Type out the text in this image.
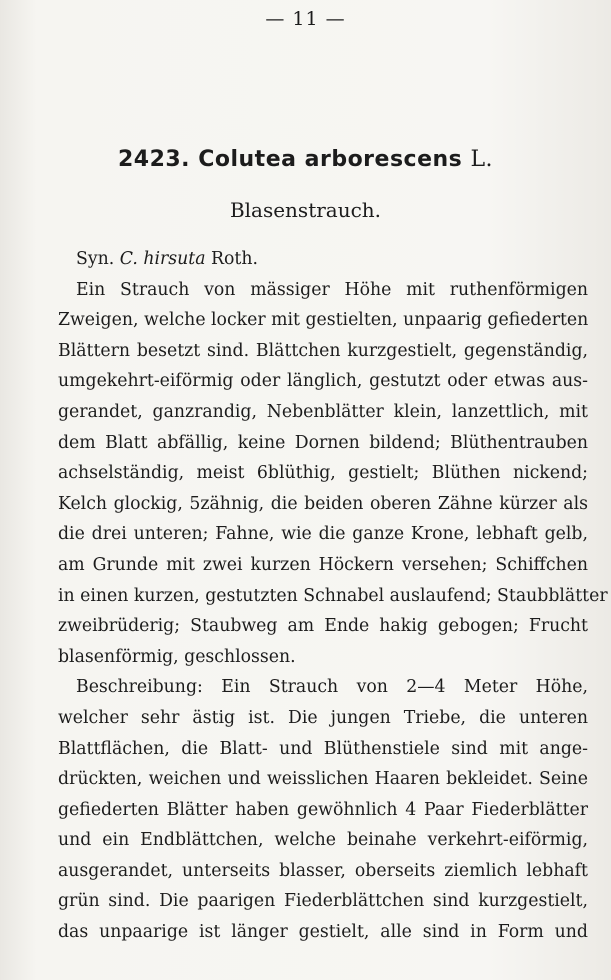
— 11 —
2423. Colutea arborescens L.
Blasenstrauch.
Syn. C. hirsuta Roth.
Ein Strauch von mässiger Höhe mit ruthenförmigen
Zweigen, welche locker mit gestielten, unpaarig gefiederten
Blättern besetzt sind. Blättchen kurzgestielt, gegenständig,
umgekehrt-eiförmig oder länglich, gestutzt oder etwas aus-
gerandet, ganzrandig, Nebenblätter klein, lanzettlich, mit
dem Blatt abfällig, keine Dornen bildend; Blüthentrauben
achselständig, meist 6blüthig, gestielt; Blüthen nickend;
Kelch glockig, 5zähnig, die beiden oberen Zähne kürzer als
die drei unteren; Fahne, wie die ganze Krone, lebhaft gelb,
am Grunde mit zwei kurzen Höckern versehen; Schiffchen
in einen kurzen, gestutzten Schnabel auslaufend; Staubblätter
zweibrüderig; Staubweg am Ende hakig gebogen; Frucht
blasenförmig, geschlossen.
Beschreibung: Ein Strauch von 2—4 Meter Höhe,
welcher sehr ästig ist. Die jungen Triebe, die unteren
Blattflächen, die Blatt- und Blüthenstiele sind mit ange-
drückten, weichen und weisslichen Haaren bekleidet. Seine
gefiederten Blätter haben gewöhnlich 4 Paar Fiederblätter
und ein Endblättchen, welche beinahe verkehrt-eiförmig,
ausgerandet, unterseits blasser, oberseits ziemlich lebhaft
grün sind. Die paarigen Fiederblättchen sind kurzgestielt,
das unpaarige ist länger gestielt, alle sind in Form und
